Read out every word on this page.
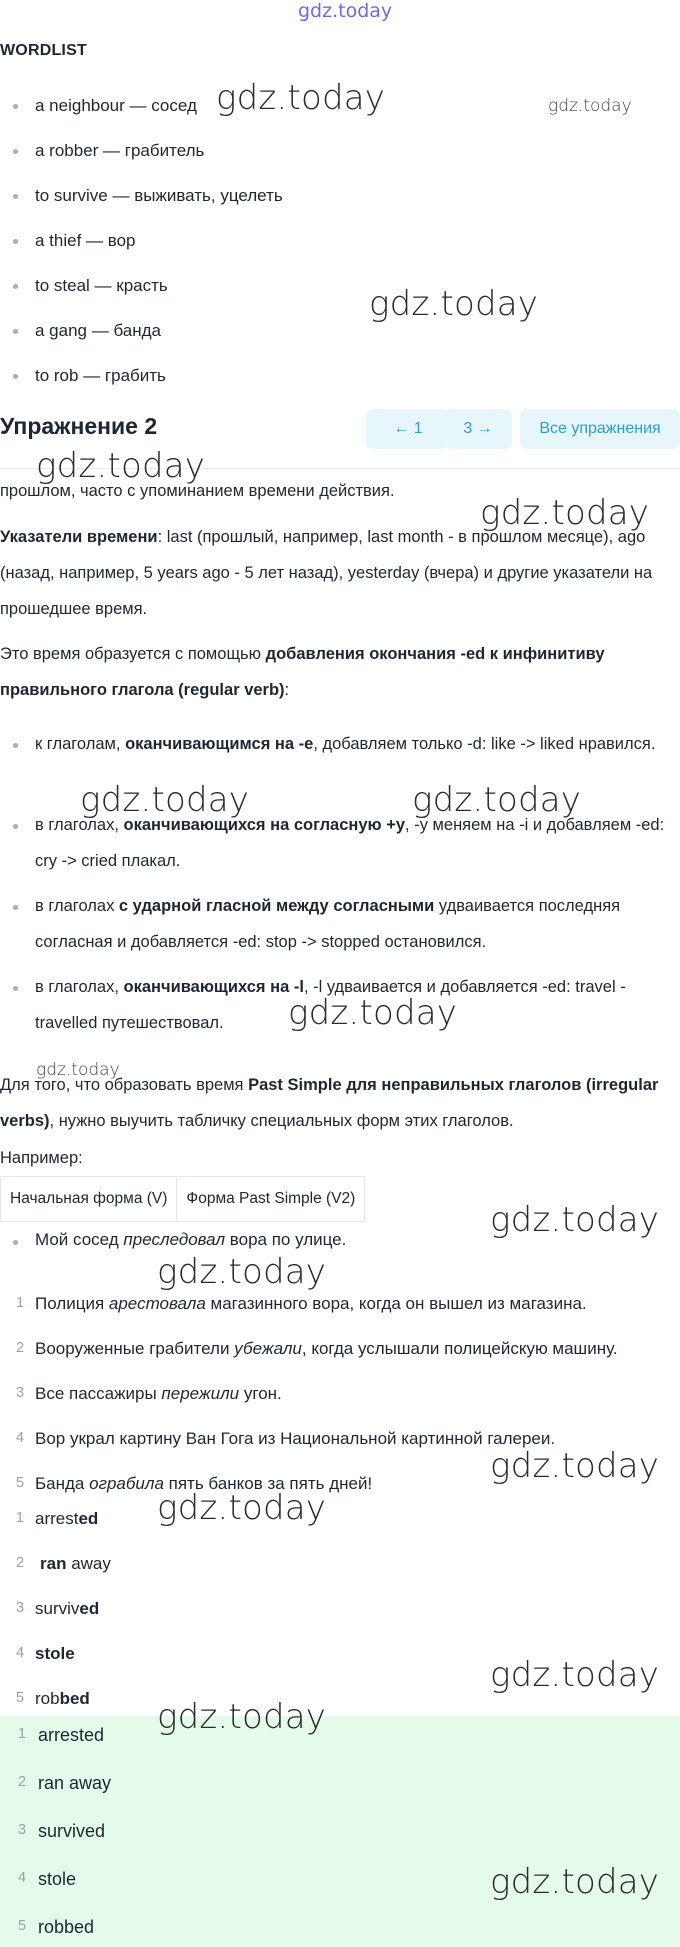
gdz.today
WORDLIST
a neighbour — сосед
a robber — грабитель
to survive — выживать, уцелеть
a thief — вор
to steal — красть
a gang — банда
to rob — грабить
Упражнение 2	← 1	3 →	Все упражнения
прошлом, часто с упоминанием времени действия.
Указатели времени: last (прошлый, например, last month - в прошлом месяце), ago (назад, например, 5 years ago - 5 лет назад), yesterday (вчера) и другие указатели на прошедшее время.
Это время образуется с помощью добавления окончания -ed к инфинитиву правильного глагола (regular verb):
к глаголам, оканчивающимся на -e, добавляем только -d: like -> liked нравился.
в глаголах, оканчивающихся на согласную +y, -y меняем на -i и добавляем -ed: cry -> cried плакал.
в глаголах с ударной гласной между согласными удваивается последняя согласная и добавляется -ed: stop -> stopped остановился.
в глаголах, оканчивающихся на -l, -l удваивается и добавляется -ed: travel - travelled путешествовал.
Для того, что образовать время Past Simple для неправильных глаголов (irregular verbs), нужно выучить табличку специальных форм этих глаголов.
Например:
Начальная форма (V)	Форма Past Simple (V2)
Мой сосед преследовал вора по улице.
1 Полиция арестовала магазинного вора, когда он вышел из магазина.
2 Вооруженные грабители убежали, когда услышали полицейскую машину.
3 Все пассажиры пережили угон.
4 Вор украл картину Ван Гога из Национальной картинной галереи.
5 Банда ограбила пять банков за пять дней!
1 arrested
2 ran away
3 survived
4 stole
5 robbed
1 arrested
2 ran away
3 survived
4 stole
5 robbed
gdz.today	gdz.today
gdz.today
gdz.today
gdz.today
gdz.today	gdz.today
gdz.today
gdz.today
gdz.today
gdz.today
gdz.today
gdz.today
gdz.today
gdz.today
gdz.today
